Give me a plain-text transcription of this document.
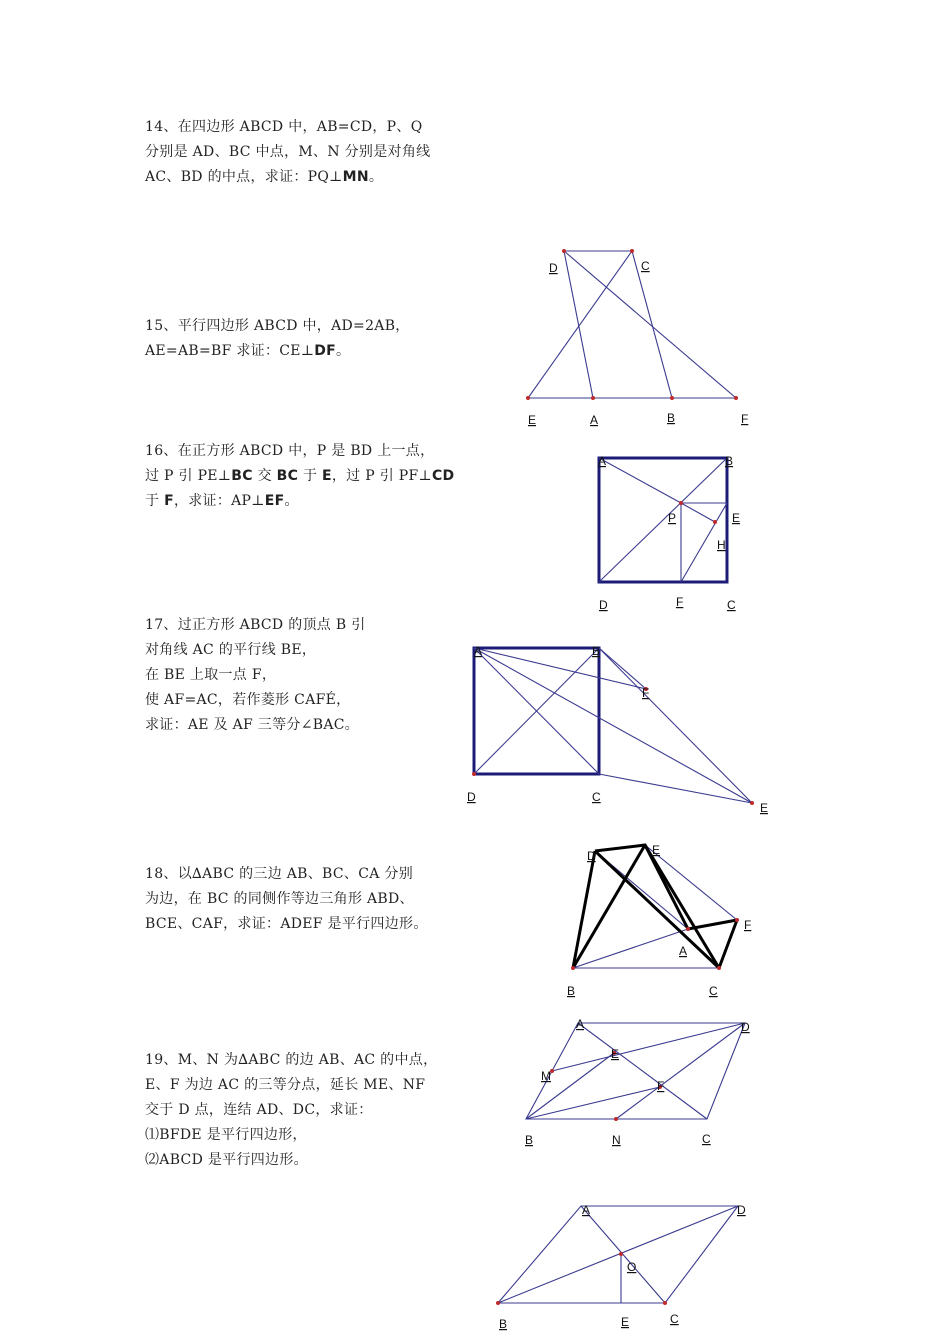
14、在四边形 ABCD 中，AB=CD，P、Q
分别是 AD、BC 中点，M、N 分别是对角线
AC、BD 的中点，求证：PQ⊥MN。
15、平行四边形 ABCD 中，AD=2AB，
AE=AB=BF 求证：CE⊥DF。
16、在正方形 ABCD 中，P 是 BD 上一点，
过 P 引 PE⊥BC 交 BC 于 E，过 P 引 PF⊥CD
于 F，求证：AP⊥EF。
17、过正方形 ABCD 的顶点 B 引
对角线 AC 的平行线 BE，
在 BE 上取一点 F，
使 AF=AC，若作菱形 CAFÉ，
求证：AE 及 AF 三等分∠BAC。
18、以∆ABC 的三边 AB、BC、CA 分别
为边，在 BC 的同侧作等边三角形 ABD、
BCE、CAF，求证：ADEF 是平行四边形。
19、M、N 为∆ABC 的边 AB、AC 的中点，
E、F 为边 AC 的三等分点，延长 ME、NF
交于 D 点，连结 AD、DC，求证：
⑴BFDE 是平行四边形，
⑵ABCD 是平行四边形。
D	C
E	A	B	F
A	B
P	E
H
D	F	C
A	B
F
D	C
E
D	E
F
A
B	C
A	D
E
M
F
B	N	C
A	D
O
B	E	C
